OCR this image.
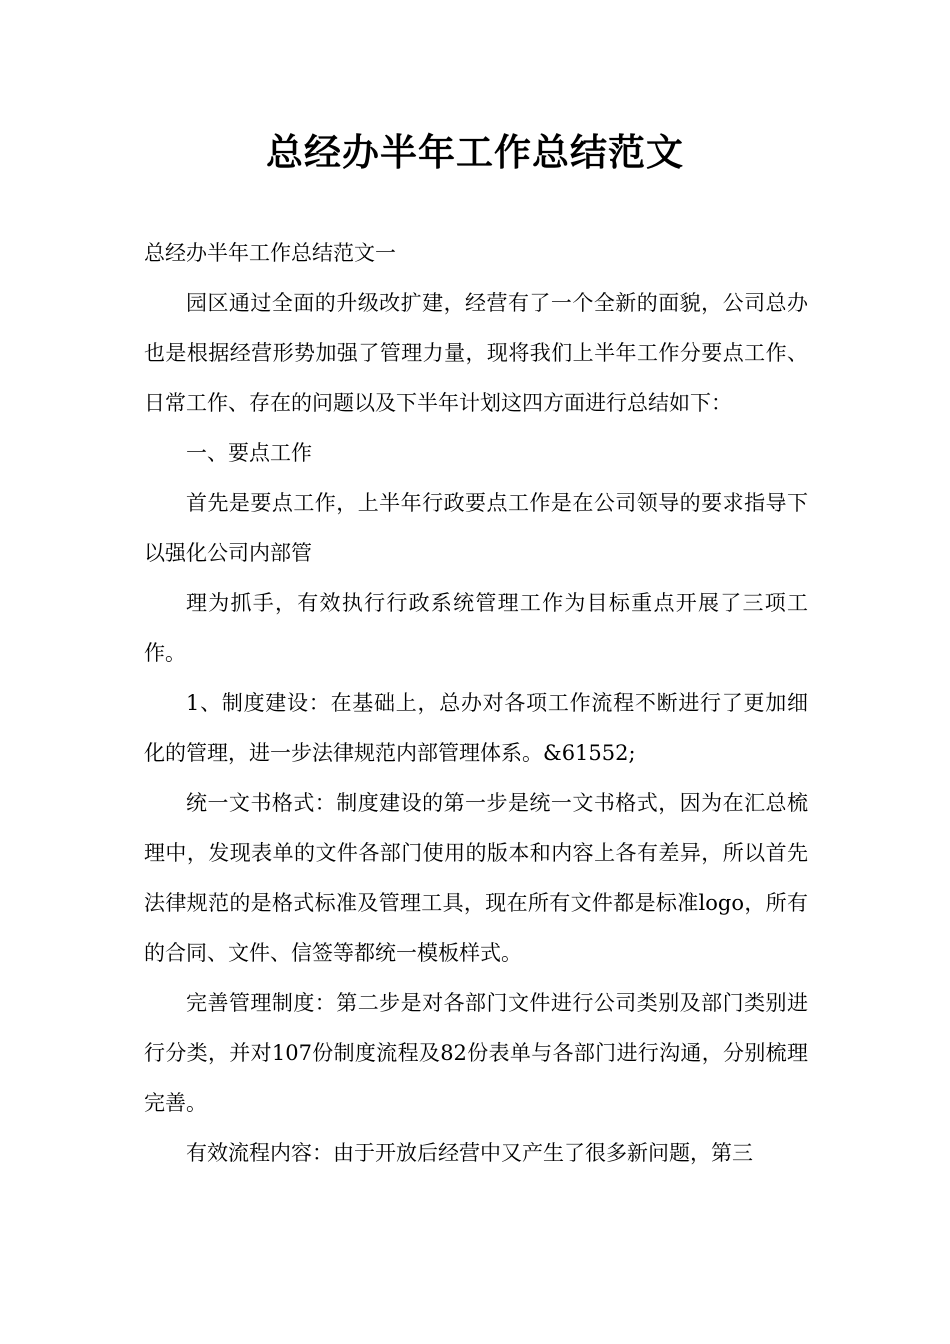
总经办半年工作总结范文

总经办半年工作总结范文一

园区通过全面的升级改扩建，经营有了一个全新的面貌，公司总办也是根据经营形势加强了管理力量，现将我们上半年工作分要点工作、日常工作、存在的问题以及下半年计划这四方面进行总结如下：

一、要点工作

首先是要点工作，上半年行政要点工作是在公司领导的要求指导下以强化公司内部管

理为抓手，有效执行行政系统管理工作为目标重点开展了三项工作。

1、制度建设：在基础上，总办对各项工作流程不断进行了更加细化的管理，进一步法律规范内部管理体系。&61552;

统一文书格式：制度建设的第一步是统一文书格式，因为在汇总梳理中，发现表单的文件各部门使用的版本和内容上各有差异，所以首先法律规范的是格式标准及管理工具，现在所有文件都是标准logo，所有的合同、文件、信签等都统一模板样式。

完善管理制度：第二步是对各部门文件进行公司类别及部门类别进行分类，并对107份制度流程及82份表单与各部门进行沟通，分别梳理完善。

有效流程内容：由于开放后经营中又产生了很多新问题，第三
